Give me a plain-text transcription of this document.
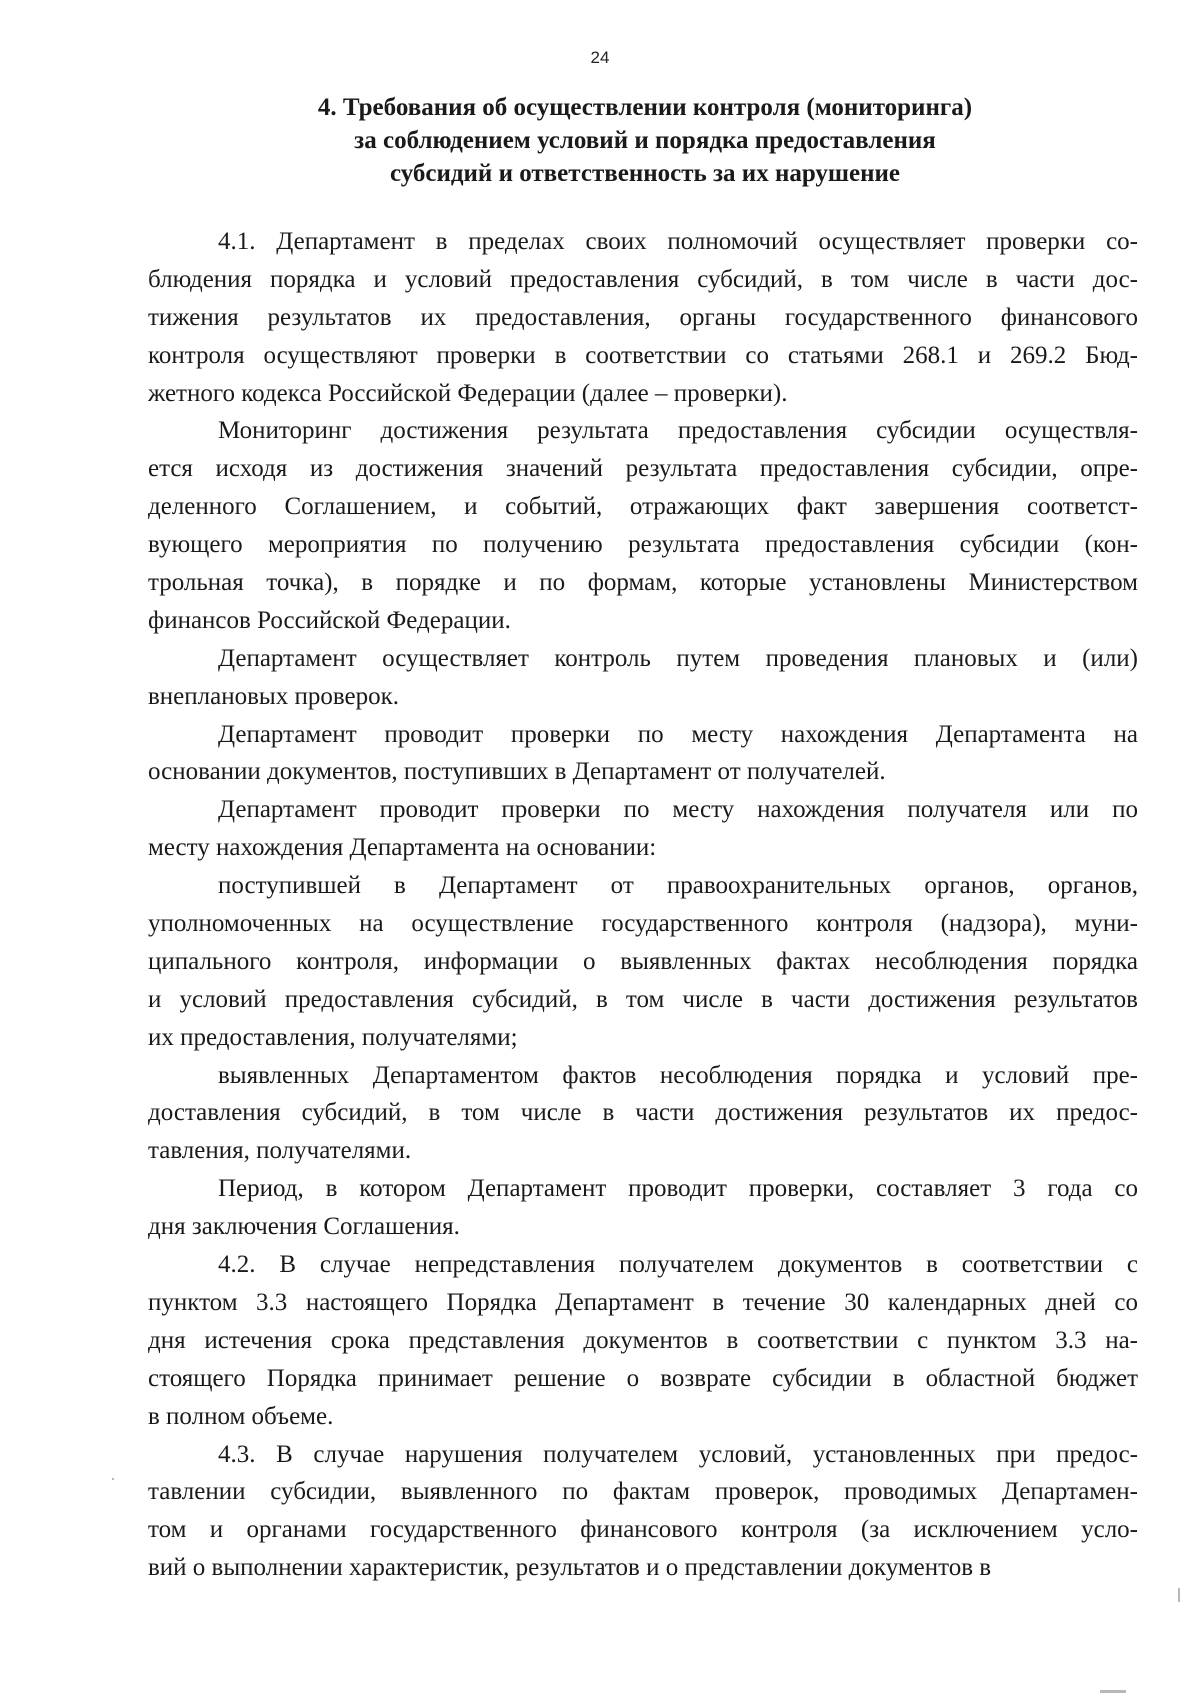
24
4. Требования об осуществлении контроля (мониторинга)
за соблюдением условий и порядка предоставления
субсидий и ответственность за их нарушение
4.1. Департамент в пределах своих полномочий осуществляет проверки со-
блюдения порядка и условий предоставления субсидий, в том числе в части дос-
тижения результатов их предоставления, органы государственного финансового
контроля осуществляют проверки в соответствии со статьями 268.1 и 269.2 Бюд-
жетного кодекса Российской Федерации (далее – проверки).
Мониторинг достижения результата предоставления субсидии осуществля-
ется исходя из достижения значений результата предоставления субсидии, опре-
деленного Соглашением, и событий, отражающих факт завершения соответст-
вующего мероприятия по получению результата предоставления субсидии (кон-
трольная точка), в порядке и по формам, которые установлены Министерством
финансов Российской Федерации.
Департамент осуществляет контроль путем проведения плановых и (или)
внеплановых проверок.
Департамент проводит проверки по месту нахождения Департамента на
основании документов, поступивших в Департамент от получателей.
Департамент проводит проверки по месту нахождения получателя или по
месту нахождения Департамента на основании:
поступившей в Департамент от правоохранительных органов, органов,
уполномоченных на осуществление государственного контроля (надзора), муни-
ципального контроля, информации о выявленных фактах несоблюдения порядка
и условий предоставления субсидий, в том числе в части достижения результатов
их предоставления, получателями;
выявленных Департаментом фактов несоблюдения порядка и условий пре-
доставления субсидий, в том числе в части достижения результатов их предос-
тавления, получателями.
Период, в котором Департамент проводит проверки, составляет 3 года со
дня заключения Соглашения.
4.2. В случае непредставления получателем документов в соответствии с
пунктом 3.3 настоящего Порядка Департамент в течение 30 календарных дней со
дня истечения срока представления документов в соответствии с пунктом 3.3 на-
стоящего Порядка принимает решение о возврате субсидии в областной бюджет
в полном объеме.
4.3. В случае нарушения получателем условий, установленных при предос-
тавлении субсидии, выявленного по фактам проверок, проводимых Департамен-
том и органами государственного финансового контроля (за исключением усло-
вий о выполнении характеристик, результатов и о представлении документов в
